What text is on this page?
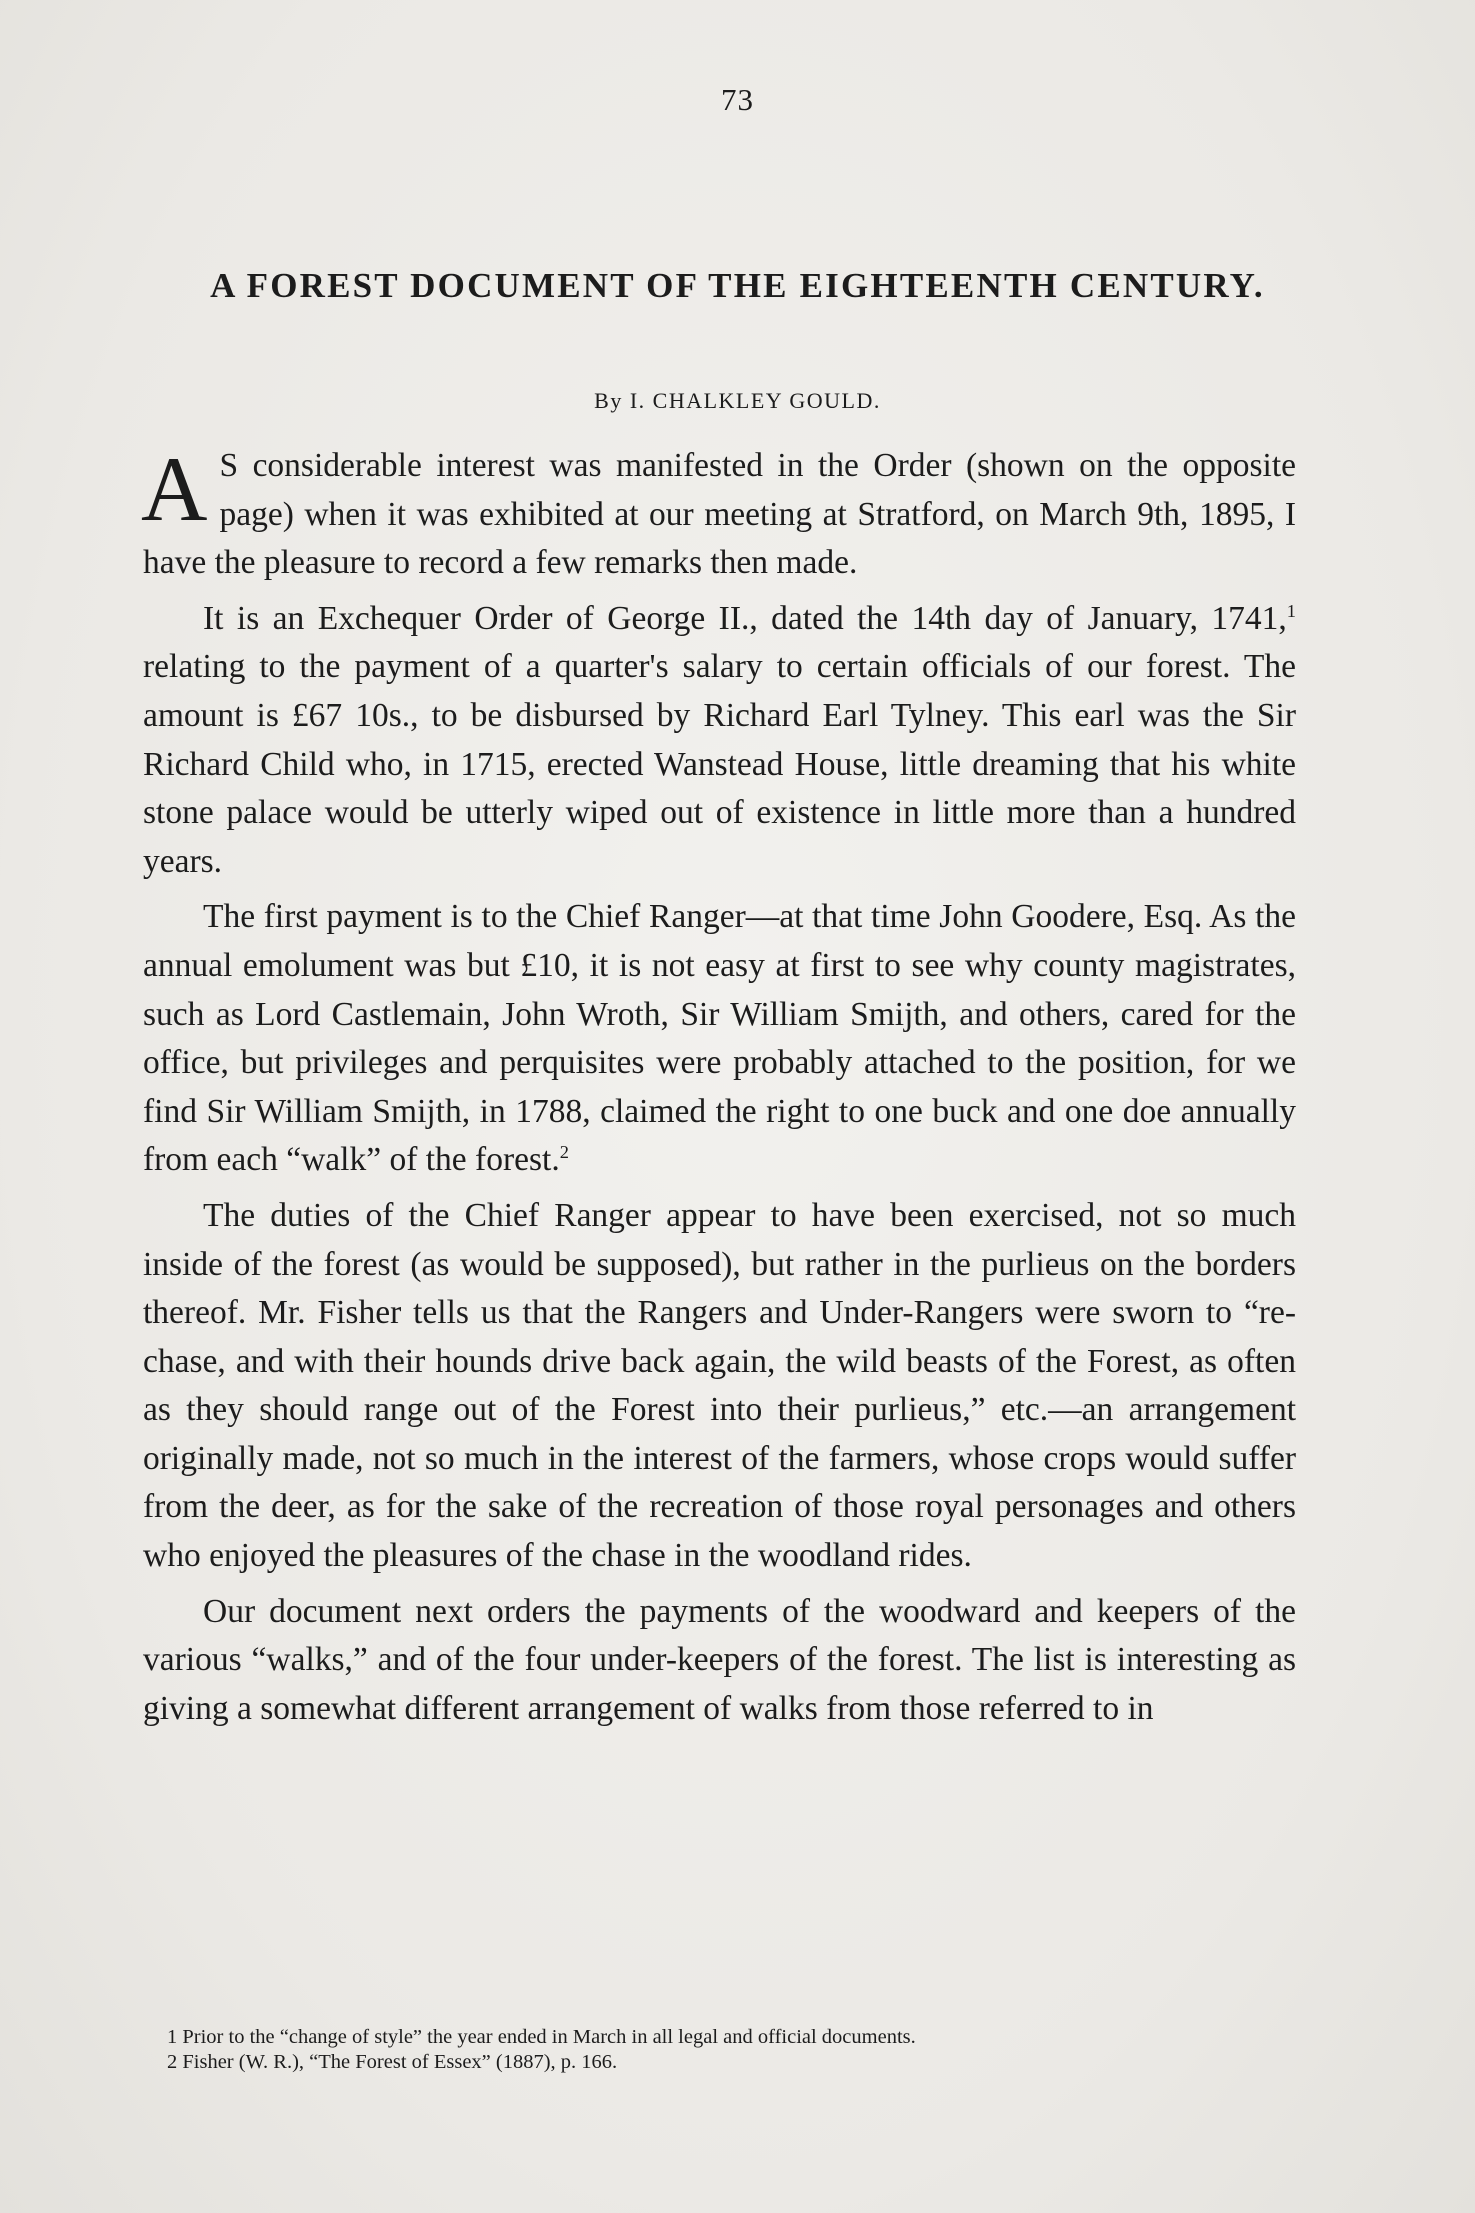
73
A FOREST DOCUMENT OF THE EIGHTEENTH CENTURY.
By I. CHALKLEY GOULD.

A S considerable interest was manifested in the Order (shown on the opposite page) when it was exhibited at our meeting at Stratford, on March 9th, 1895, I have the pleasure to record a few remarks then made.

It is an Exchequer Order of George II., dated the 14th day of January, 1741,$^1$ relating to the payment of a quarter's salary to certain officials of our forest. The amount is £67 10s., to be disbursed by Richard Earl Tylney. This earl was the Sir Richard Child who, in 1715, erected Wanstead House, little dreaming that his white stone palace would be utterly wiped out of existence in little more than a hundred years.

The first payment is to the Chief Ranger—at that time John Goodere, Esq. As the annual emolument was but £10, it is not easy at first to see why county magistrates, such as Lord Castlemain, John Wroth, Sir William Smijth, and others, cared for the office, but privileges and perquisites were probably attached to the position, for we find Sir William Smijth, in 1788, claimed the right to one buck and one doe annually from each “walk” of the forest.$^2$

The duties of the Chief Ranger appear to have been exercised, not so much inside of the forest (as would be supposed), but rather in the purlieus on the borders thereof. Mr. Fisher tells us that the Rangers and Under-Rangers were sworn to “re-chase, and with their hounds drive back again, the wild beasts of the Forest, as often as they should range out of the Forest into their purlieus,” etc.—an arrangement originally made, not so much in the interest of the farmers, whose crops would suffer from the deer, as for the sake of the recreation of those royal personages and others who enjoyed the pleasures of the chase in the woodland rides.

Our document next orders the payments of the woodward and keepers of the various “walks,” and of the four under-keepers of the forest. The list is interesting as giving a somewhat different arrangement of walks from those referred to in

1 Prior to the “change of style” the year ended in March in all legal and official documents.
2 Fisher (W. R.), “The Forest of Essex” (1887), p. 166.
